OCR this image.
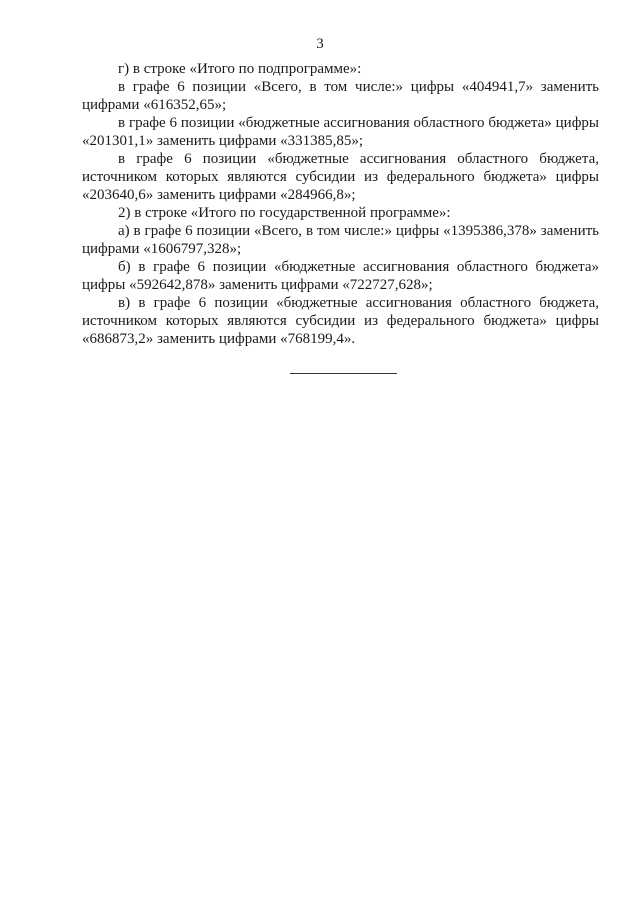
3

г) в строке «Итого по подпрограмме»:

в графе 6 позиции «Всего, в том числе:» цифры «404941,7» заменить цифрами «616352,65»;

в графе 6 позиции «бюджетные ассигнования областного бюджета» цифры «201301,1» заменить цифрами «331385,85»;

в графе 6 позиции «бюджетные ассигнования областного бюджета, источником которых являются субсидии из федерального бюджета» цифры «203640,6» заменить цифрами «284966,8»;

2) в строке «Итого по государственной программе»:

а) в графе 6 позиции «Всего, в том числе:» цифры «1395386,378» заменить цифрами «1606797,328»;

б) в графе 6 позиции «бюджетные ассигнования областного бюджета» цифры «592642,878» заменить цифрами «722727,628»;

в) в графе 6 позиции «бюджетные ассигнования областного бюджета, источником которых являются субсидии из федерального бюджета» цифры «686873,2» заменить цифрами «768199,4».
